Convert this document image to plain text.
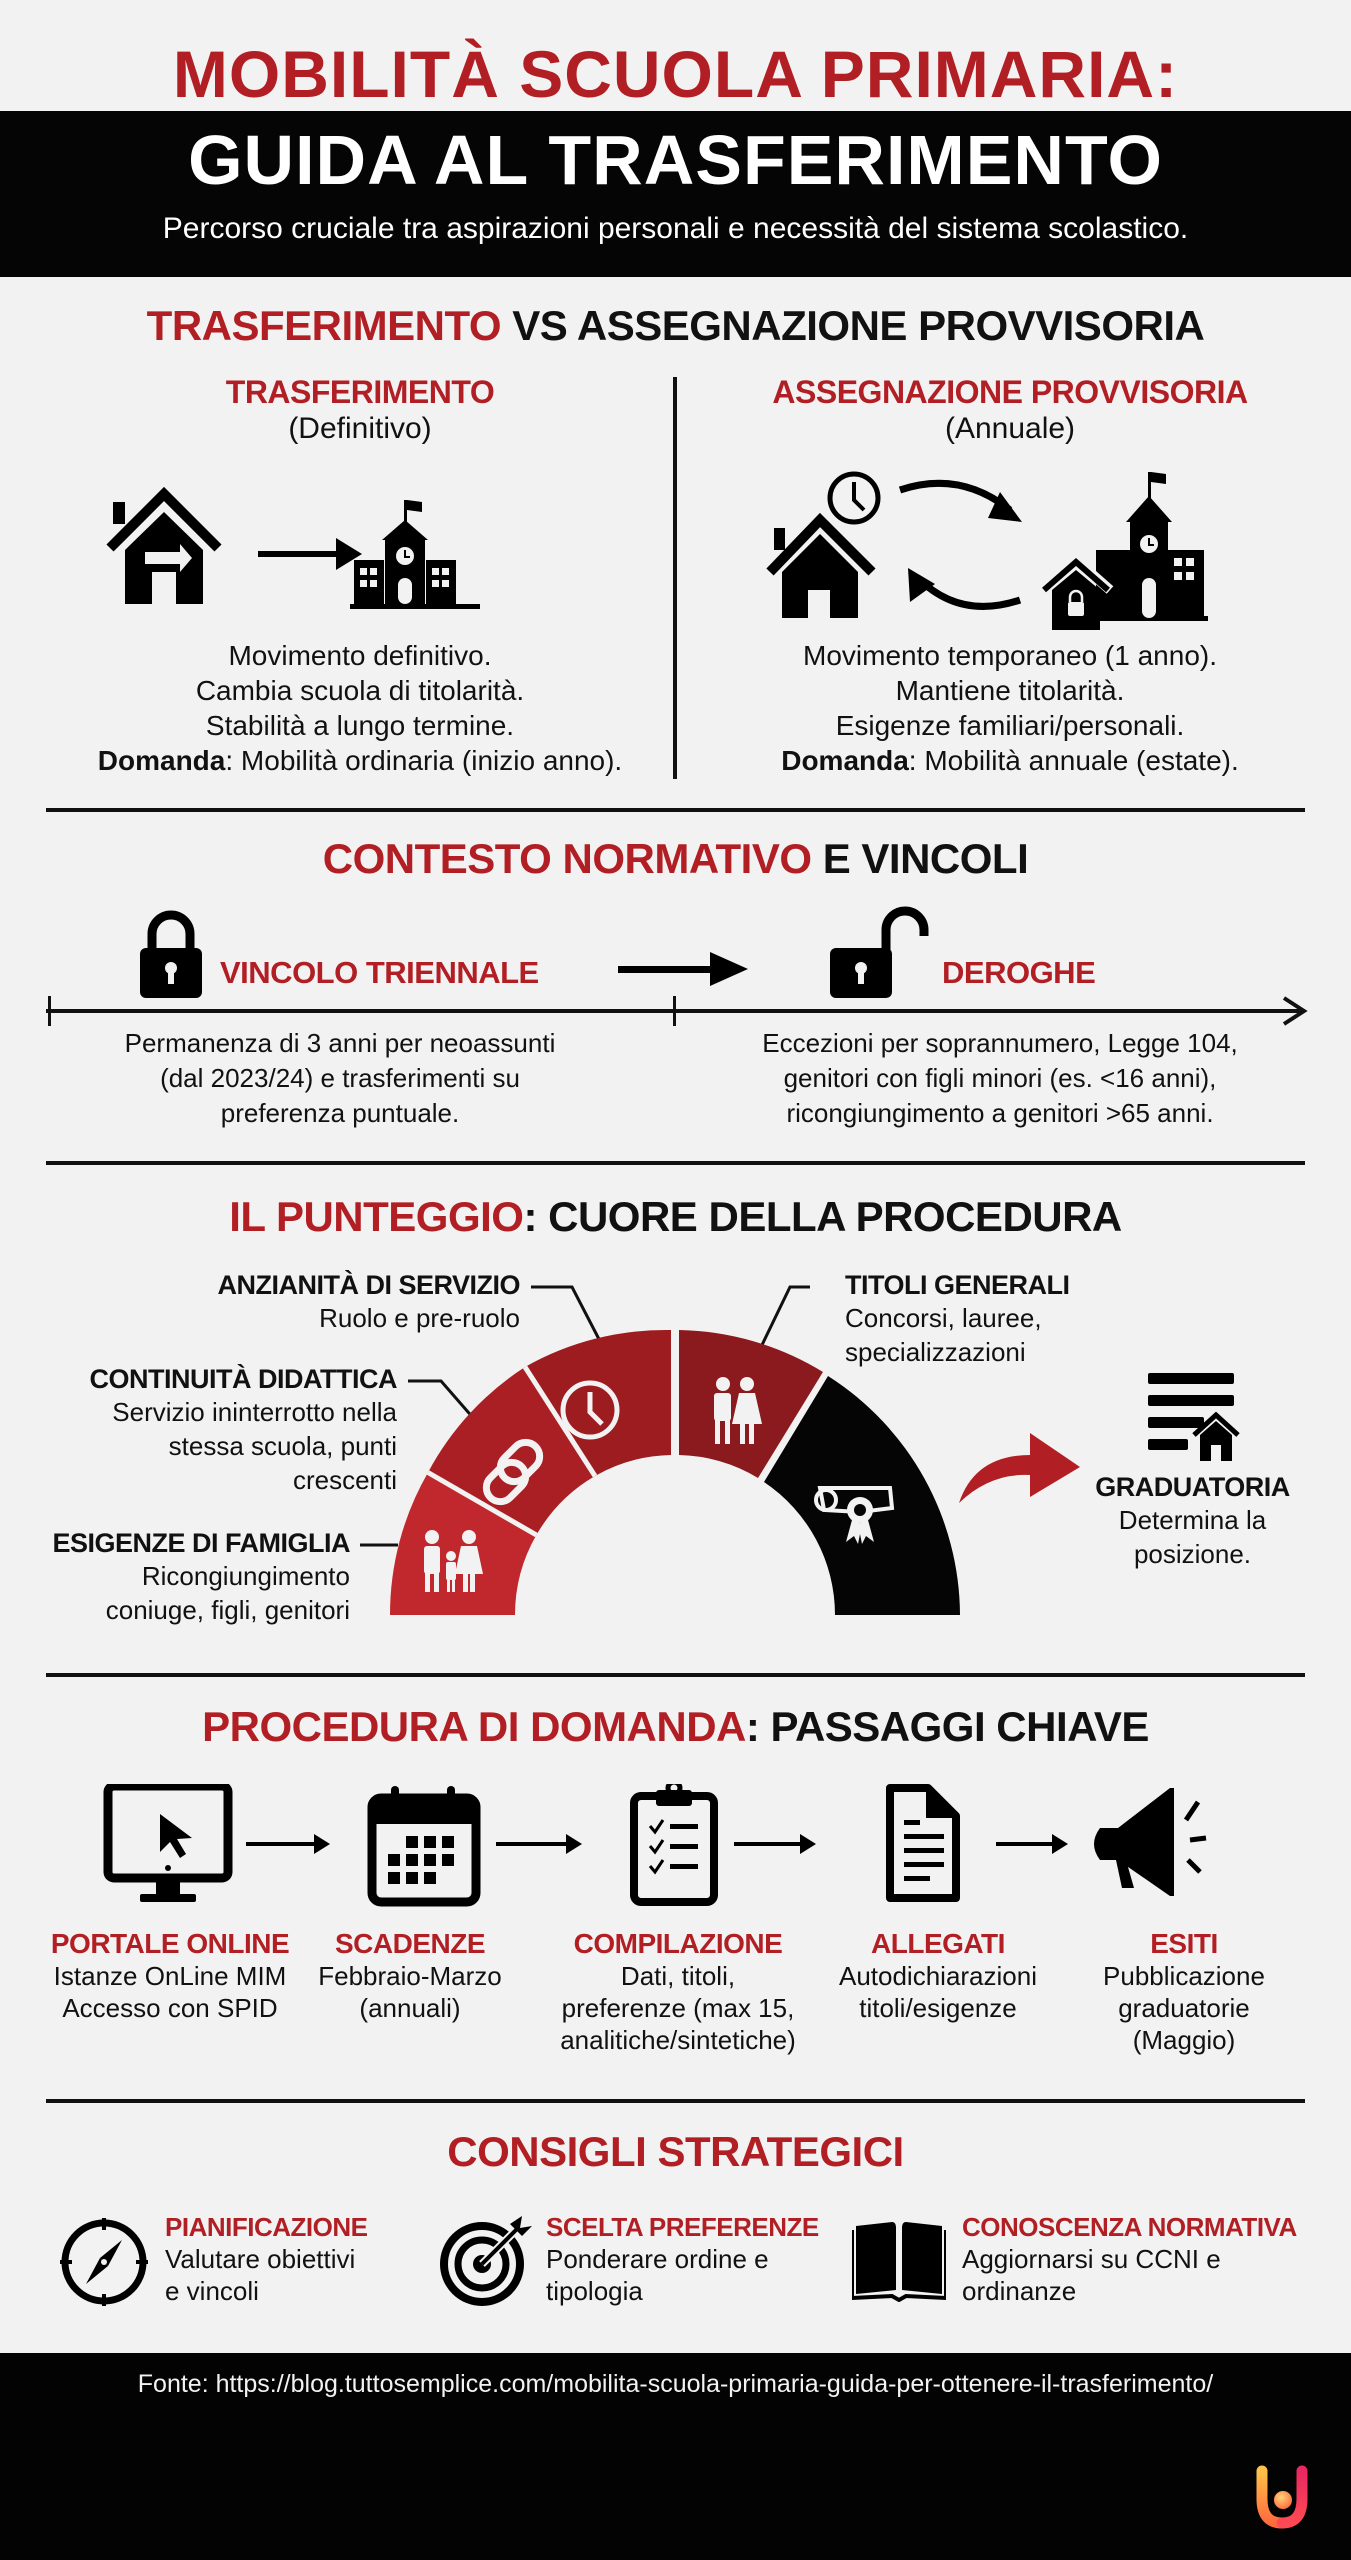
MOBILITÀ SCUOLA PRIMARIA:
GUIDA AL TRASFERIMENTO
Percorso cruciale tra aspirazioni personali e necessità del sistema scolastico.
TRASFERIMENTO VS ASSEGNAZIONE PROVVISORIA
TRASFERIMENTO
(Definitivo)
Movimento definitivo.
Cambia scuola di titolarità.
Stabilità a lungo termine.
Domanda: Mobilità ordinaria (inizio anno).
ASSEGNAZIONE PROVVISORIA
(Annuale)
Movimento temporaneo (1 anno).
Mantiene titolarità.
Esigenze familiari/personali.
Domanda: Mobilità annuale (estate).
CONTESTO NORMATIVO E VINCOLI
VINCOLO TRIENNALE	DEROGHE
Permanenza di 3 anni per neoassunti
(dal 2023/24) e trasferimenti su
preferenza puntuale.
Eccezioni per soprannumero, Legge 104,
genitori con figli minori (es. <16 anni),
ricongiungimento a genitori >65 anni.
IL PUNTEGGIO: CUORE DELLA PROCEDURA
ANZIANITÀ DI SERVIZIO
Ruolo e pre-ruolo
CONTINUITÀ DIDATTICA
Servizio ininterrotto nella
stessa scuola, punti
crescenti
ESIGENZE DI FAMIGLIA
Ricongiungimento
coniuge, figli, genitori
TITOLI GENERALI
Concorsi, lauree,
specializzazioni
GRADUATORIA
Determina la
posizione.
PROCEDURA DI DOMANDA: PASSAGGI CHIAVE
PORTALE ONLINE
Istanze OnLine MIM
Accesso con SPID
SCADENZE
Febbraio-Marzo
(annuali)
COMPILAZIONE
Dati, titoli,
preferenze (max 15,
analitiche/sintetiche)
ALLEGATI
Autodichiarazioni
titoli/esigenze
ESITI
Pubblicazione
graduatorie
(Maggio)
CONSIGLI STRATEGICI
PIANIFICAZIONE
Valutare obiettivi
e vincoli
SCELTA PREFERENZE
Ponderare ordine e
tipologia
CONOSCENZA NORMATIVA
Aggiornarsi su CCNI e
ordinanze
Fonte: https://blog.tuttosemplice.com/mobilita-scuola-primaria-guida-per-ottenere-il-trasferimento/
